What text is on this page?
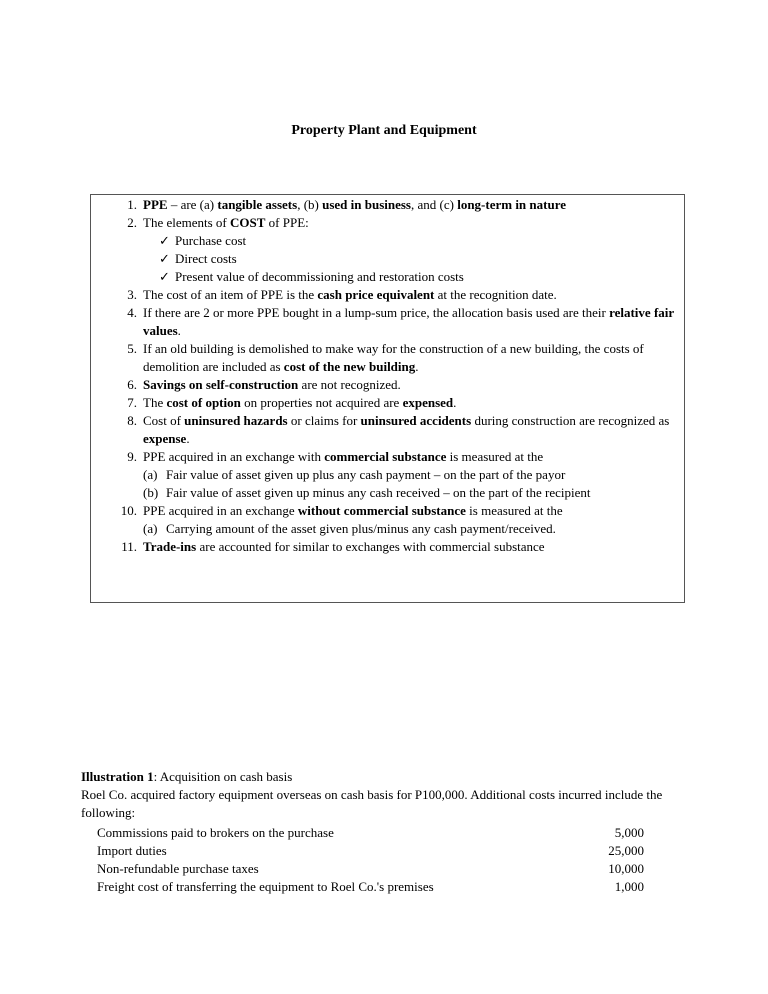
Property Plant and Equipment
1. PPE – are (a) tangible assets, (b) used in business, and (c) long-term in nature
2. The elements of COST of PPE:
✓ Purchase cost
✓ Direct costs
✓ Present value of decommissioning and restoration costs
3. The cost of an item of PPE is the cash price equivalent at the recognition date.
4. If there are 2 or more PPE bought in a lump-sum price, the allocation basis used are their relative fair values.
5. If an old building is demolished to make way for the construction of a new building, the costs of demolition are included as cost of the new building.
6. Savings on self-construction are not recognized.
7. The cost of option on properties not acquired are expensed.
8. Cost of uninsured hazards or claims for uninsured accidents during construction are recognized as expense.
9. PPE acquired in an exchange with commercial substance is measured at the
(a) Fair value of asset given up plus any cash payment – on the part of the payor
(b) Fair value of asset given up minus any cash received – on the part of the recipient
10. PPE acquired in an exchange without commercial substance is measured at the
(a) Carrying amount of the asset given plus/minus any cash payment/received.
11. Trade-ins are accounted for similar to exchanges with commercial substance
Illustration 1: Acquisition on cash basis
Roel Co. acquired factory equipment overseas on cash basis for P100,000. Additional costs incurred include the following:
Commissions paid to brokers on the purchase	5,000
Import duties	25,000
Non-refundable purchase taxes	10,000
Freight cost of transferring the equipment to Roel Co.'s premises	1,000
